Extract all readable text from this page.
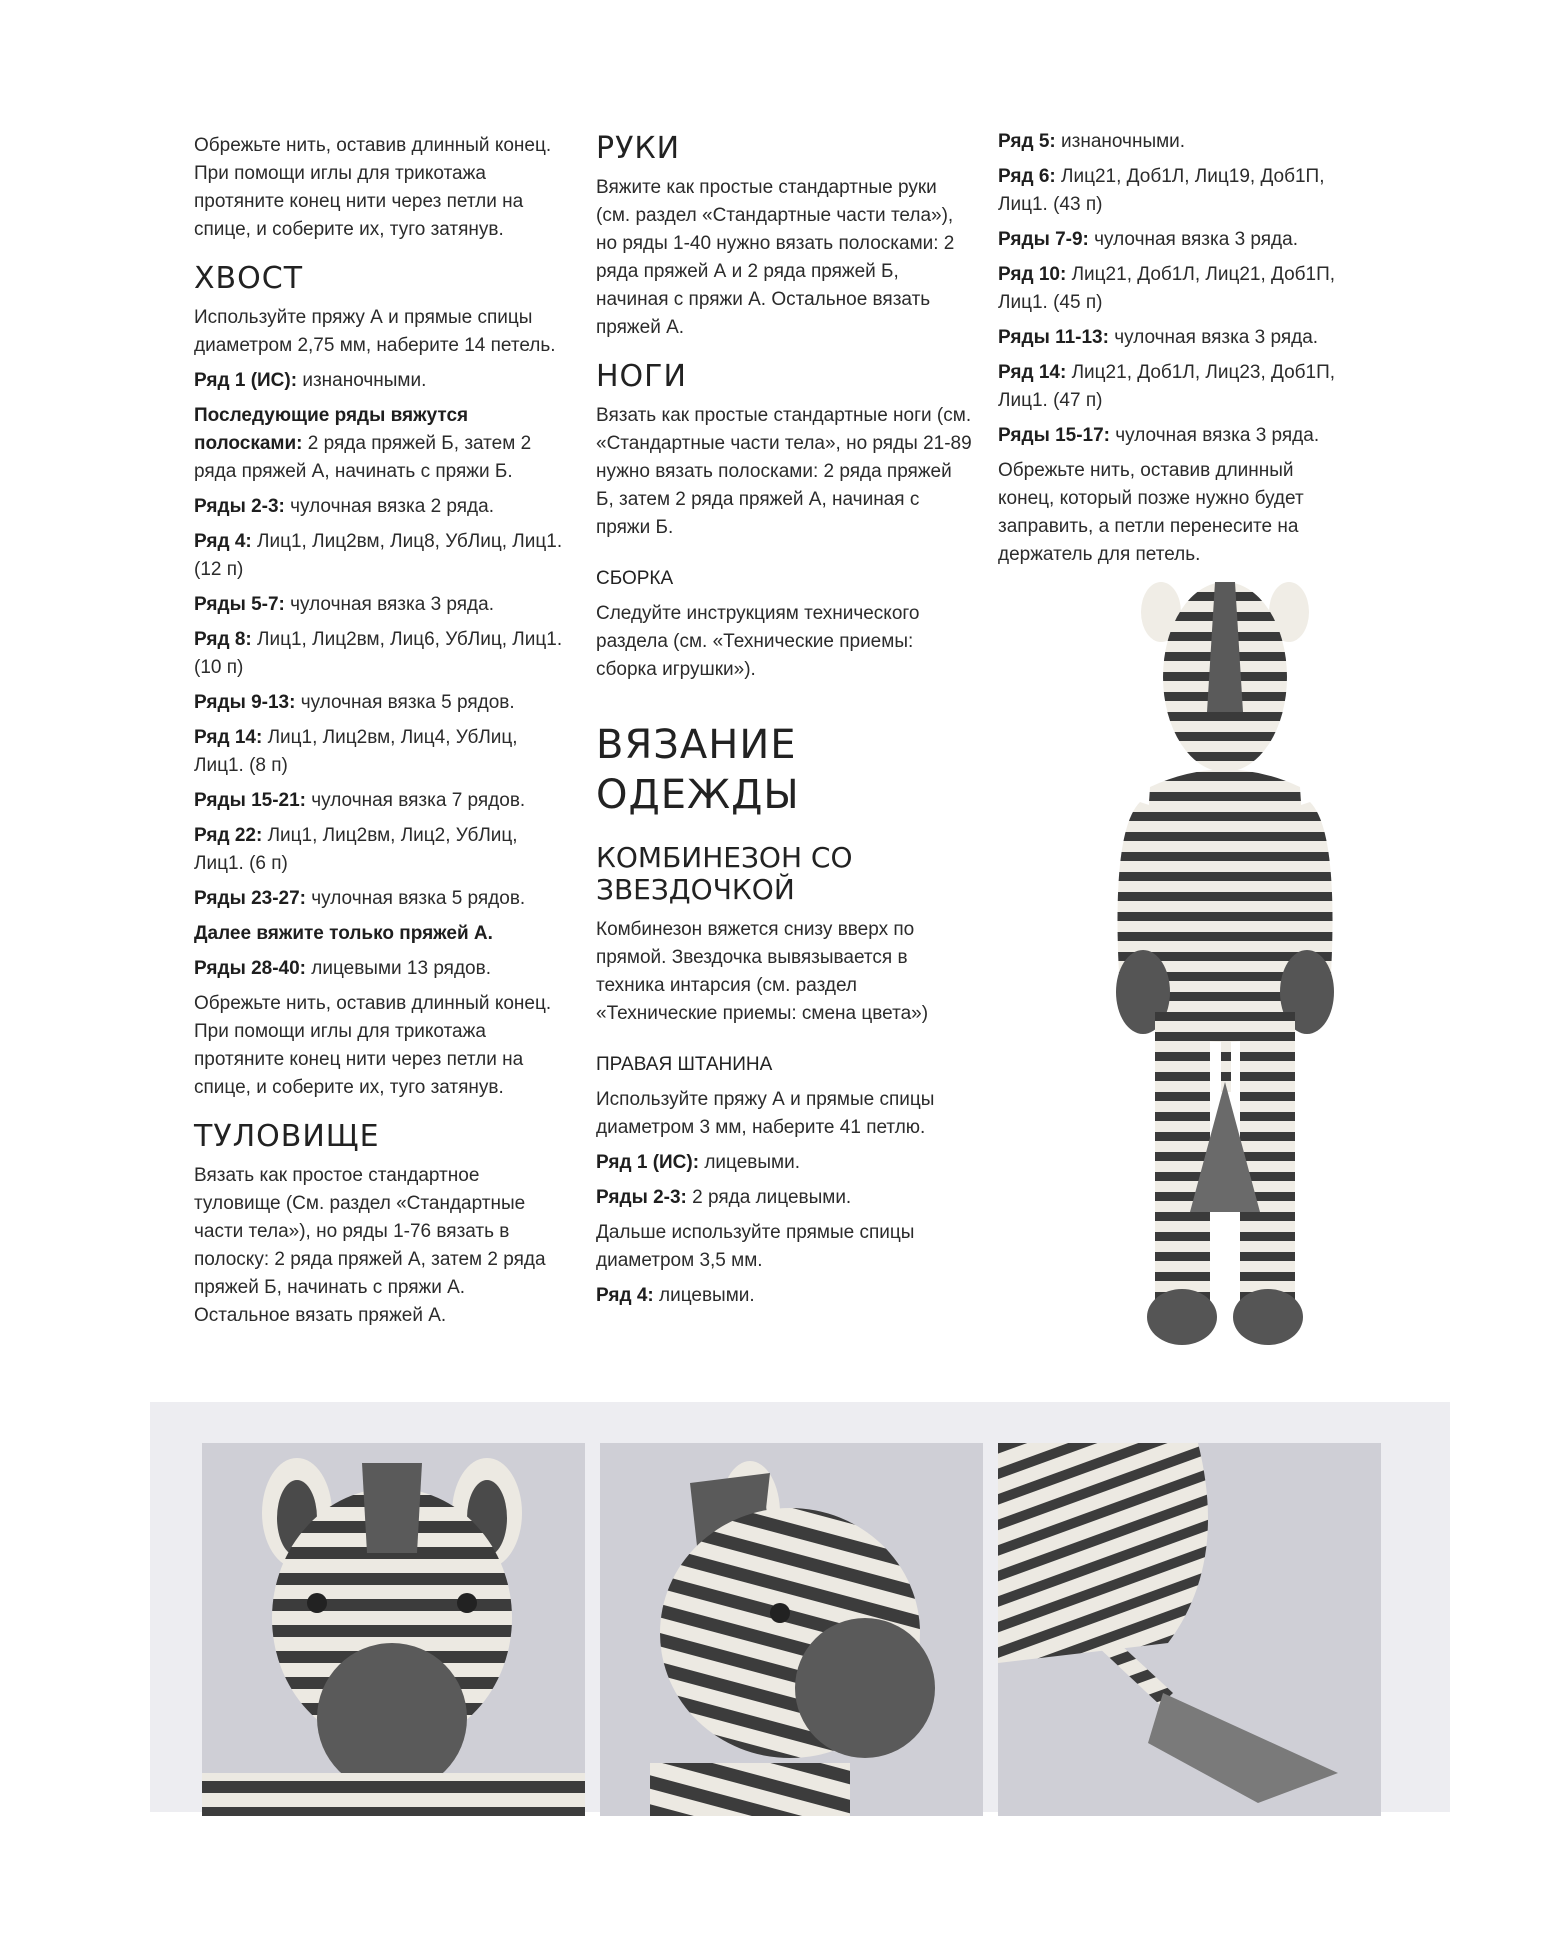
Обрежьте нить, оставив длинный конец. При помощи иглы для трикотажа протяните конец нити через петли на спице, и соберите их, туго затянув.

ХВОСТ

Используйте пряжу А и прямые спицы диаметром 2,75 мм, наберите 14 петель.

Ряд 1 (ИС): изнаночными.
Последующие ряды вяжутся полосками: 2 ряда пряжей Б, затем 2 ряда пряжей А, начинать с пряжи Б.
Ряды 2-3: чулочная вязка 2 ряда.
Ряд 4: Лиц1, Лиц2вм, Лиц8, УбЛиц, Лиц1. (12 п)
Ряды 5-7: чулочная вязка 3 ряда.
Ряд 8: Лиц1, Лиц2вм, Лиц6, УбЛиц, Лиц1. (10 п)
Ряды 9-13: чулочная вязка 5 рядов.
Ряд 14: Лиц1, Лиц2вм, Лиц4, УбЛиц, Лиц1. (8 п)
Ряды 15-21: чулочная вязка 7 рядов.
Ряд 22: Лиц1, Лиц2вм, Лиц2, УбЛиц, Лиц1. (6 п)
Ряды 23-27: чулочная вязка 5 рядов.
Далее вяжите только пряжей А.
Ряды 28-40: лицевыми 13 рядов.

Обрежьте нить, оставив длинный конец. При помощи иглы для трикотажа протяните конец нити через петли на спице, и соберите их, туго затянув.

ТУЛОВИЩЕ

Вязать как простое стандартное туловище (См. раздел «Стандартные части тела»), но ряды 1-76 вязать в полоску: 2 ряда пряжей А, затем 2 ряда пряжей Б, начинать с пряжи А. Остальное вязать пряжей А.

РУКИ

Вяжите как простые стандартные руки (см. раздел «Стандартные части тела»), но ряды 1-40 нужно вязать полосками: 2 ряда пряжей А и 2 ряда пряжей Б, начиная с пряжи А. Остальное вязать пряжей А.

НОГИ

Вязать как простые стандартные ноги (см. «Стандартные части тела», но ряды 21-89 нужно вязать полосками: 2 ряда пряжей Б, затем 2 ряда пряжей А, начиная с пряжи Б.

СБОРКА

Следуйте инструкциям технического раздела (см. «Технические приемы: сборка игрушки»).

ВЯЗАНИЕ
ОДЕЖДЫ
КОМБИНЕЗОН СО
ЗВЕЗДОЧКОЙ

Комбинезон вяжется снизу вверх по прямой. Звездочка вывязывается в техника интарсия (см. раздел «Технические приемы: смена цвета»)

ПРАВАЯ ШТАНИНА

Используйте пряжу А и прямые спицы диаметром 3 мм, наберите 41 петлю.

Ряд 1 (ИС): лицевыми.
Ряды 2-3: 2 ряда лицевыми.

Дальше используйте прямые спицы диаметром 3,5 мм.

Ряд 4: лицевыми.
Ряд 5: изнаночными.
Ряд 6: Лиц21, Доб1Л, Лиц19, Доб1П, Лиц1. (43 п)
Ряды 7-9: чулочная вязка 3 ряда.
Ряд 10: Лиц21, Доб1Л, Лиц21, Доб1П, Лиц1. (45 п)
Ряды 11-13: чулочная вязка 3 ряда.
Ряд 14: Лиц21, Доб1Л, Лиц23, Доб1П, Лиц1. (47 п)
Ряды 15-17: чулочная вязка 3 ряда.

Обрежьте нить, оставив длинный конец, который позже нужно будет заправить, а петли перенесите на держатель для петель.
